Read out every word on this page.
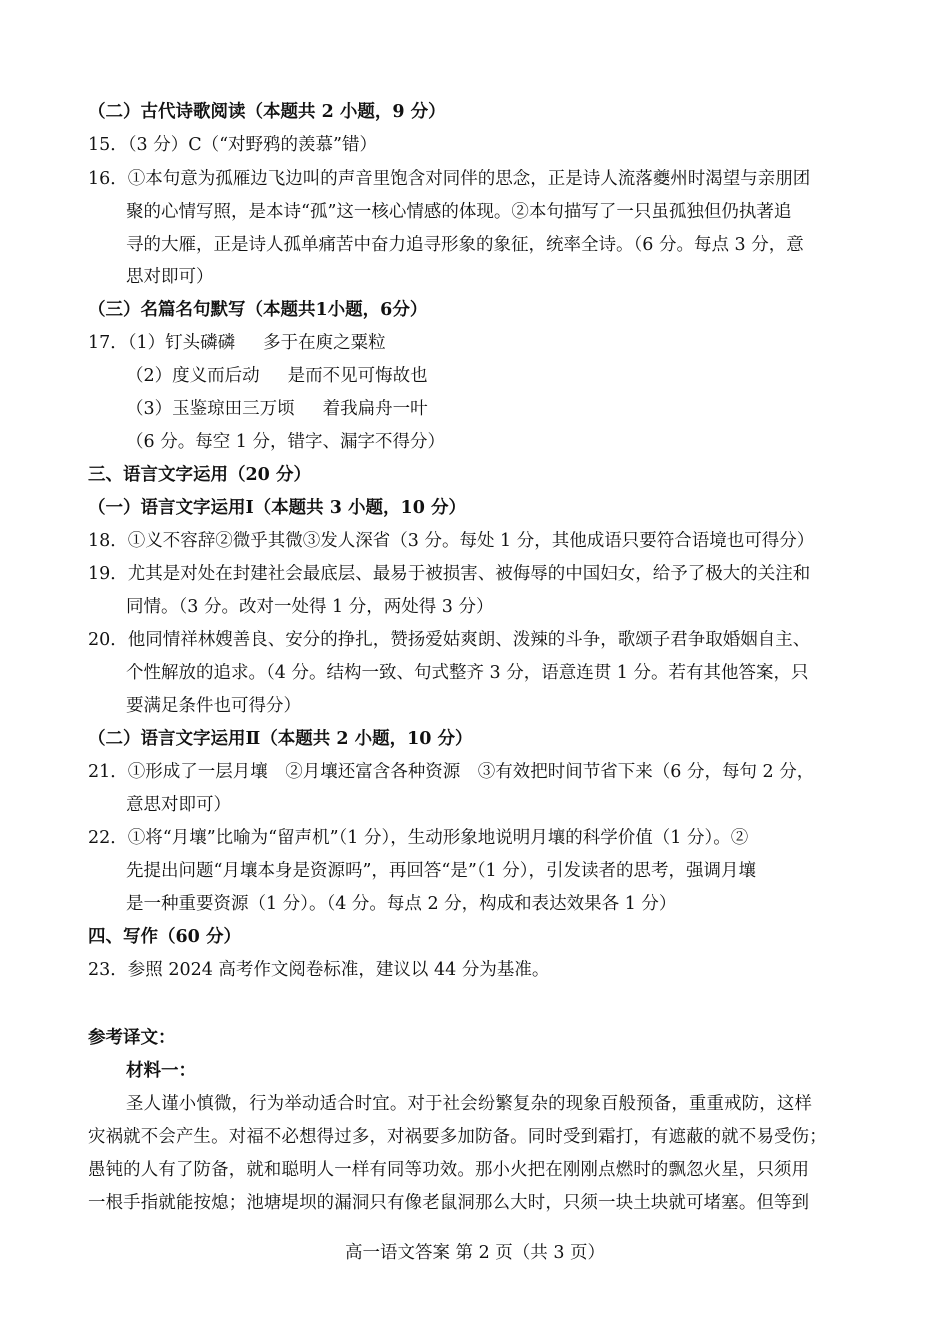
（二）古代诗歌阅读（本题共 2 小题，9 分）
15．（3 分）C（“对野鸦的羡慕”错）
16．①本句意为孤雁边飞边叫的声音里饱含对同伴的思念，正是诗人流落夔州时渴望与亲朋团
聚的心情写照，是本诗“孤”这一核心情感的体现。②本句描写了一只虽孤独但仍执著追
寻的大雁，正是诗人孤单痛苦中奋力追寻形象的象征，统率全诗。（6 分。每点 3 分，意
思对即可）
（三）名篇名句默写（本题共1小题，6分）
17．（1）钉头磷磷 多于在庾之粟粒
（2）度义而后动 是而不见可悔故也
（3）玉鉴琼田三万顷 着我扁舟一叶
（6 分。每空 1 分，错字、漏字不得分）
三、语言文字运用（20 分）
（一）语言文字运用Ⅰ（本题共 3 小题，10 分）
18．①义不容辞②微乎其微③发人深省（3 分。每处 1 分，其他成语只要符合语境也可得分）
19．尤其是对处在封建社会最底层、最易于被损害、被侮辱的中国妇女，给予了极大的关注和
同情。（3 分。改对一处得 1 分，两处得 3 分）
20．他同情祥林嫂善良、安分的挣扎，赞扬爱姑爽朗、泼辣的斗争，歌颂子君争取婚姻自主、
个性解放的追求。（4 分。结构一致、句式整齐 3 分，语意连贯 1 分。若有其他答案，只
要满足条件也可得分）
（二）语言文字运用Ⅱ（本题共 2 小题，10 分）
21．①形成了一层月壤　②月壤还富含各种资源　③有效把时间节省下来（6 分，每句 2 分，
意思对即可）
22．①将“月壤”比喻为“留声机”（1 分），生动形象地说明月壤的科学价值（1 分）。②
先提出问题“月壤本身是资源吗”，再回答“是”（1 分），引发读者的思考，强调月壤
是一种重要资源（1 分）。（4 分。每点 2 分，构成和表达效果各 1 分）
四、写作（60 分）
23．参照 2024 高考作文阅卷标准，建议以 44 分为基准。
参考译文：
材料一：
圣人谨小慎微，行为举动适合时宜。对于社会纷繁复杂的现象百般预备，重重戒防，这样
灾祸就不会产生。对福不必想得过多，对祸要多加防备。同时受到霜打，有遮蔽的就不易受伤；
愚钝的人有了防备，就和聪明人一样有同等功效。那小火把在刚刚点燃时的飘忽火星，只须用
一根手指就能按熄；池塘堤坝的漏洞只有像老鼠洞那么大时，只须一块土块就可堵塞。但等到
高一语文答案 第 2 页（共 3 页）
